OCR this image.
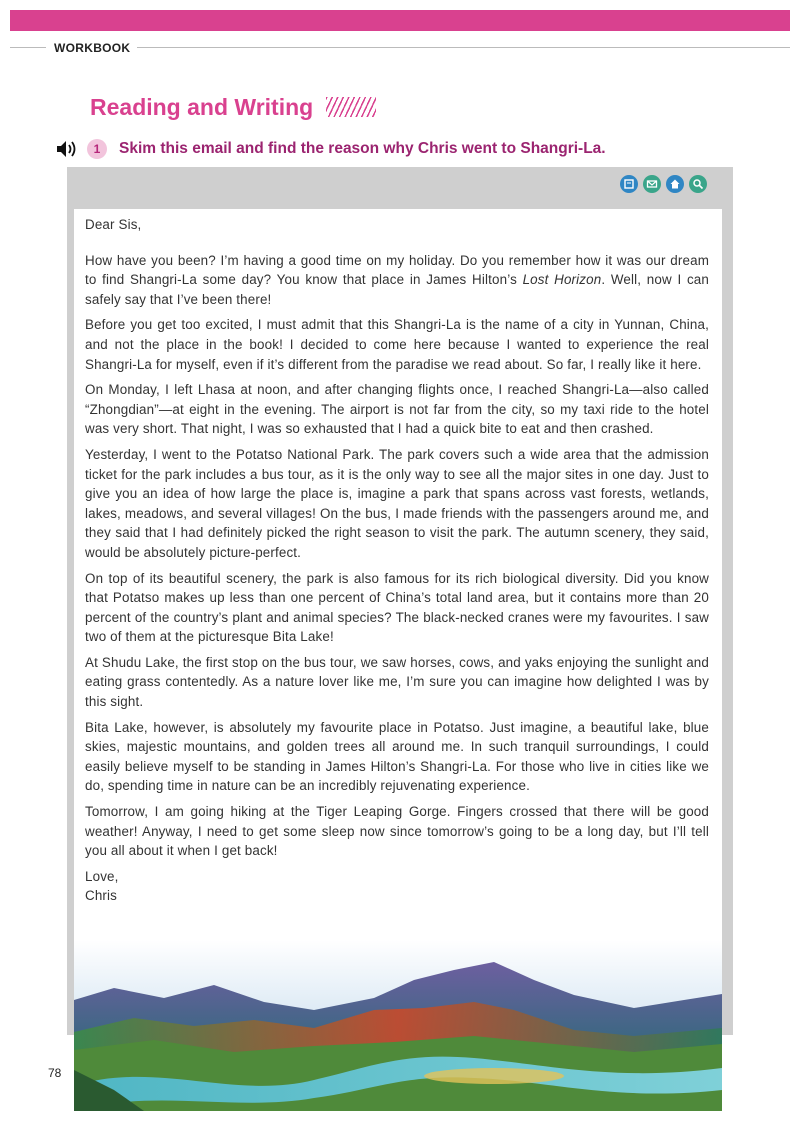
WORKBOOK
Reading and Writing
1	Skim this email and find the reason why Chris went to Shangri-La.

Dear Sis,

How have you been? I’m having a good time on my holiday. Do you remember how it was our dream to find Shangri-La some day? You know that place in James Hilton’s Lost Horizon. Well, now I can safely say that I’ve been there!

Before you get too excited, I must admit that this Shangri-La is the name of a city in Yunnan, China, and not the place in the book! I decided to come here because I wanted to experience the real Shangri-La for myself, even if it’s different from the paradise we read about. So far, I really like it here.

On Monday, I left Lhasa at noon, and after changing flights once, I reached Shangri-La—also called “Zhongdian”—at eight in the evening. The airport is not far from the city, so my taxi ride to the hotel was very short. That night, I was so exhausted that I had a quick bite to eat and then crashed.

Yesterday, I went to the Potatso National Park. The park covers such a wide area that the admission ticket for the park includes a bus tour, as it is the only way to see all the major sites in one day. Just to give you an idea of how large the place is, imagine a park that spans across vast forests, wetlands, lakes, meadows, and several villages! On the bus, I made friends with the passengers around me, and they said that I had definitely picked the right season to visit the park. The autumn scenery, they said, would be absolutely picture-perfect.

On top of its beautiful scenery, the park is also famous for its rich biological diversity. Did you know that Potatso makes up less than one percent of China’s total land area, but it contains more than 20 percent of the country’s plant and animal species? The black-necked cranes were my favourites. I saw two of them at the picturesque Bita Lake!

At Shudu Lake, the first stop on the bus tour, we saw horses, cows, and yaks enjoying the sunlight and eating grass contentedly. As a nature lover like me, I’m sure you can imagine how delighted I was by this sight.

Bita Lake, however, is absolutely my favourite place in Potatso. Just imagine, a beautiful lake, blue skies, majestic mountains, and golden trees all around me. In such tranquil surroundings, I could easily believe myself to be standing in James Hilton’s Shangri-La. For those who live in cities like we do, spending time in nature can be an incredibly rejuvenating experience.

Tomorrow, I am going hiking at the Tiger Leaping Gorge. Fingers crossed that there will be good weather! Anyway, I need to get some sleep now since tomorrow’s going to be a long day, but I’ll tell you all about it when I get back!

Love,

Chris

78
